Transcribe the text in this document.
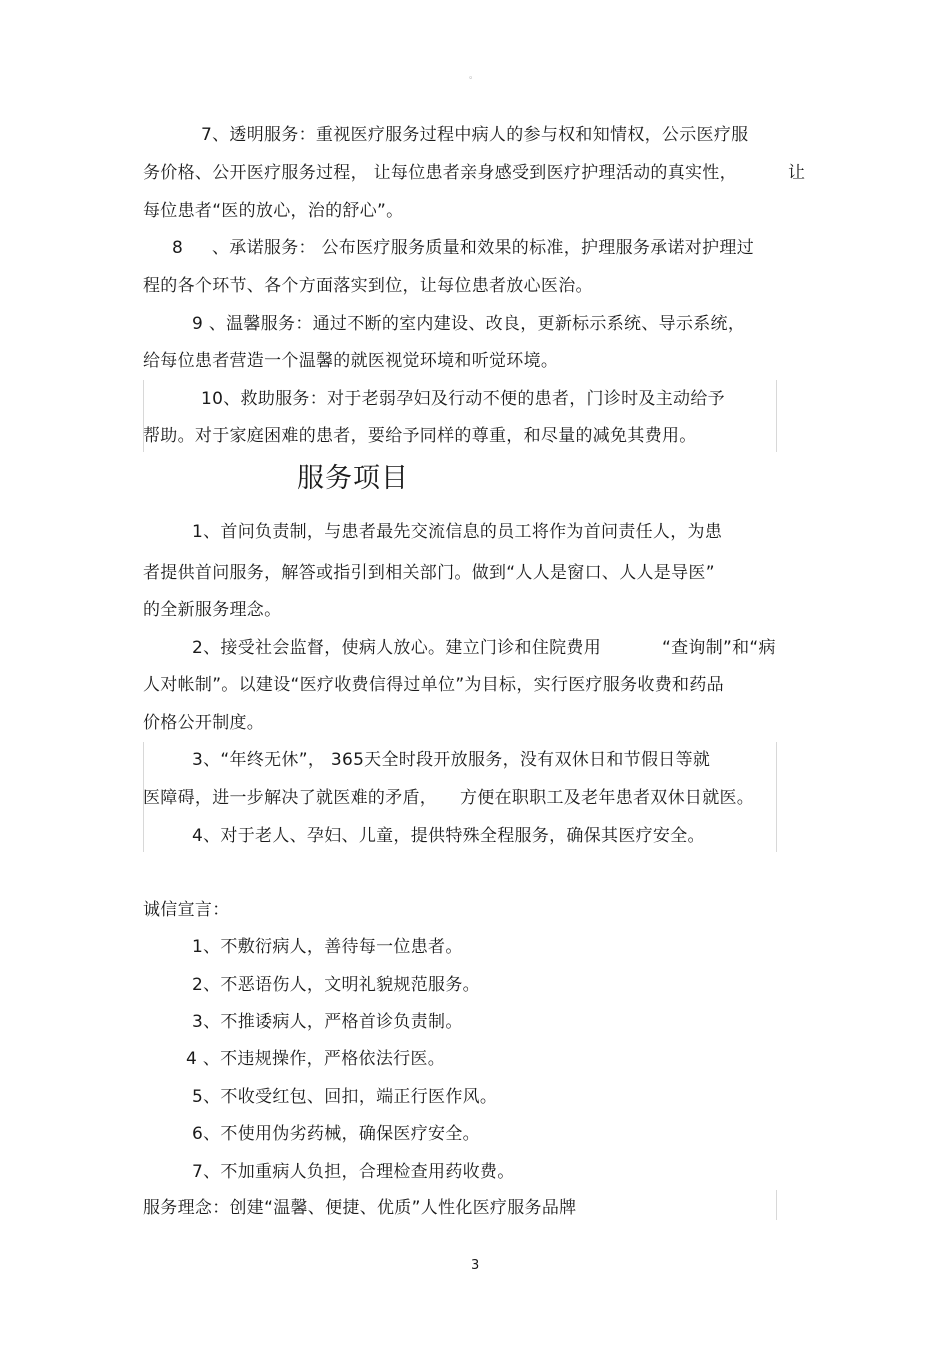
。
7、透明服务：重视医疗服务过程中病人的参与权和知情权，公示医疗服
务价格、公开医疗服务过程， 让每位患者亲身感受到医疗护理活动的真实性，	让
每位患者“医的放心，治的舒心”。
8 、承诺服务： 公布医疗服务质量和效果的标准，护理服务承诺对护理过
程的各个环节、各个方面落实到位，让每位患者放心医治。
9 、温馨服务：通过不断的室内建设、改良，更新标示系统、导示系统，
给每位患者营造一个温馨的就医视觉环境和听觉环境。
10、救助服务：对于老弱孕妇及行动不便的患者，门诊时及主动给予
帮助。对于家庭困难的患者，要给予同样的尊重，和尽量的减免其费用。
服务项目
1、首问负责制，与患者最先交流信息的员工将作为首问责任人，为患
者提供首问服务，解答或指引到相关部门。做到“人人是窗口、人人是导医”
的全新服务理念。
2、接受社会监督，使病人放心。建立门诊和住院费用	“查询制”和“病
人对帐制”。以建设“医疗收费信得过单位”为目标，实行医疗服务收费和药品
价格公开制度。
3、“年终无休”， 365天全时段开放服务，没有双休日和节假日等就
医障碍，进一步解决了就医难的矛盾， 方便在职职工及老年患者双休日就医。
4、对于老人、孕妇、儿童，提供特殊全程服务，确保其医疗安全。
诚信宣言：
1、不敷衍病人，善待每一位患者。
2、不恶语伤人，文明礼貌规范服务。
3、不推诿病人，严格首诊负责制。
4 、不违规操作，严格依法行医。
5、不收受红包、回扣，端正行医作风。
6、不使用伪劣药械，确保医疗安全。
7、不加重病人负担，合理检查用药收费。
服务理念：创建“温馨、便捷、优质”人性化医疗服务品牌
3
